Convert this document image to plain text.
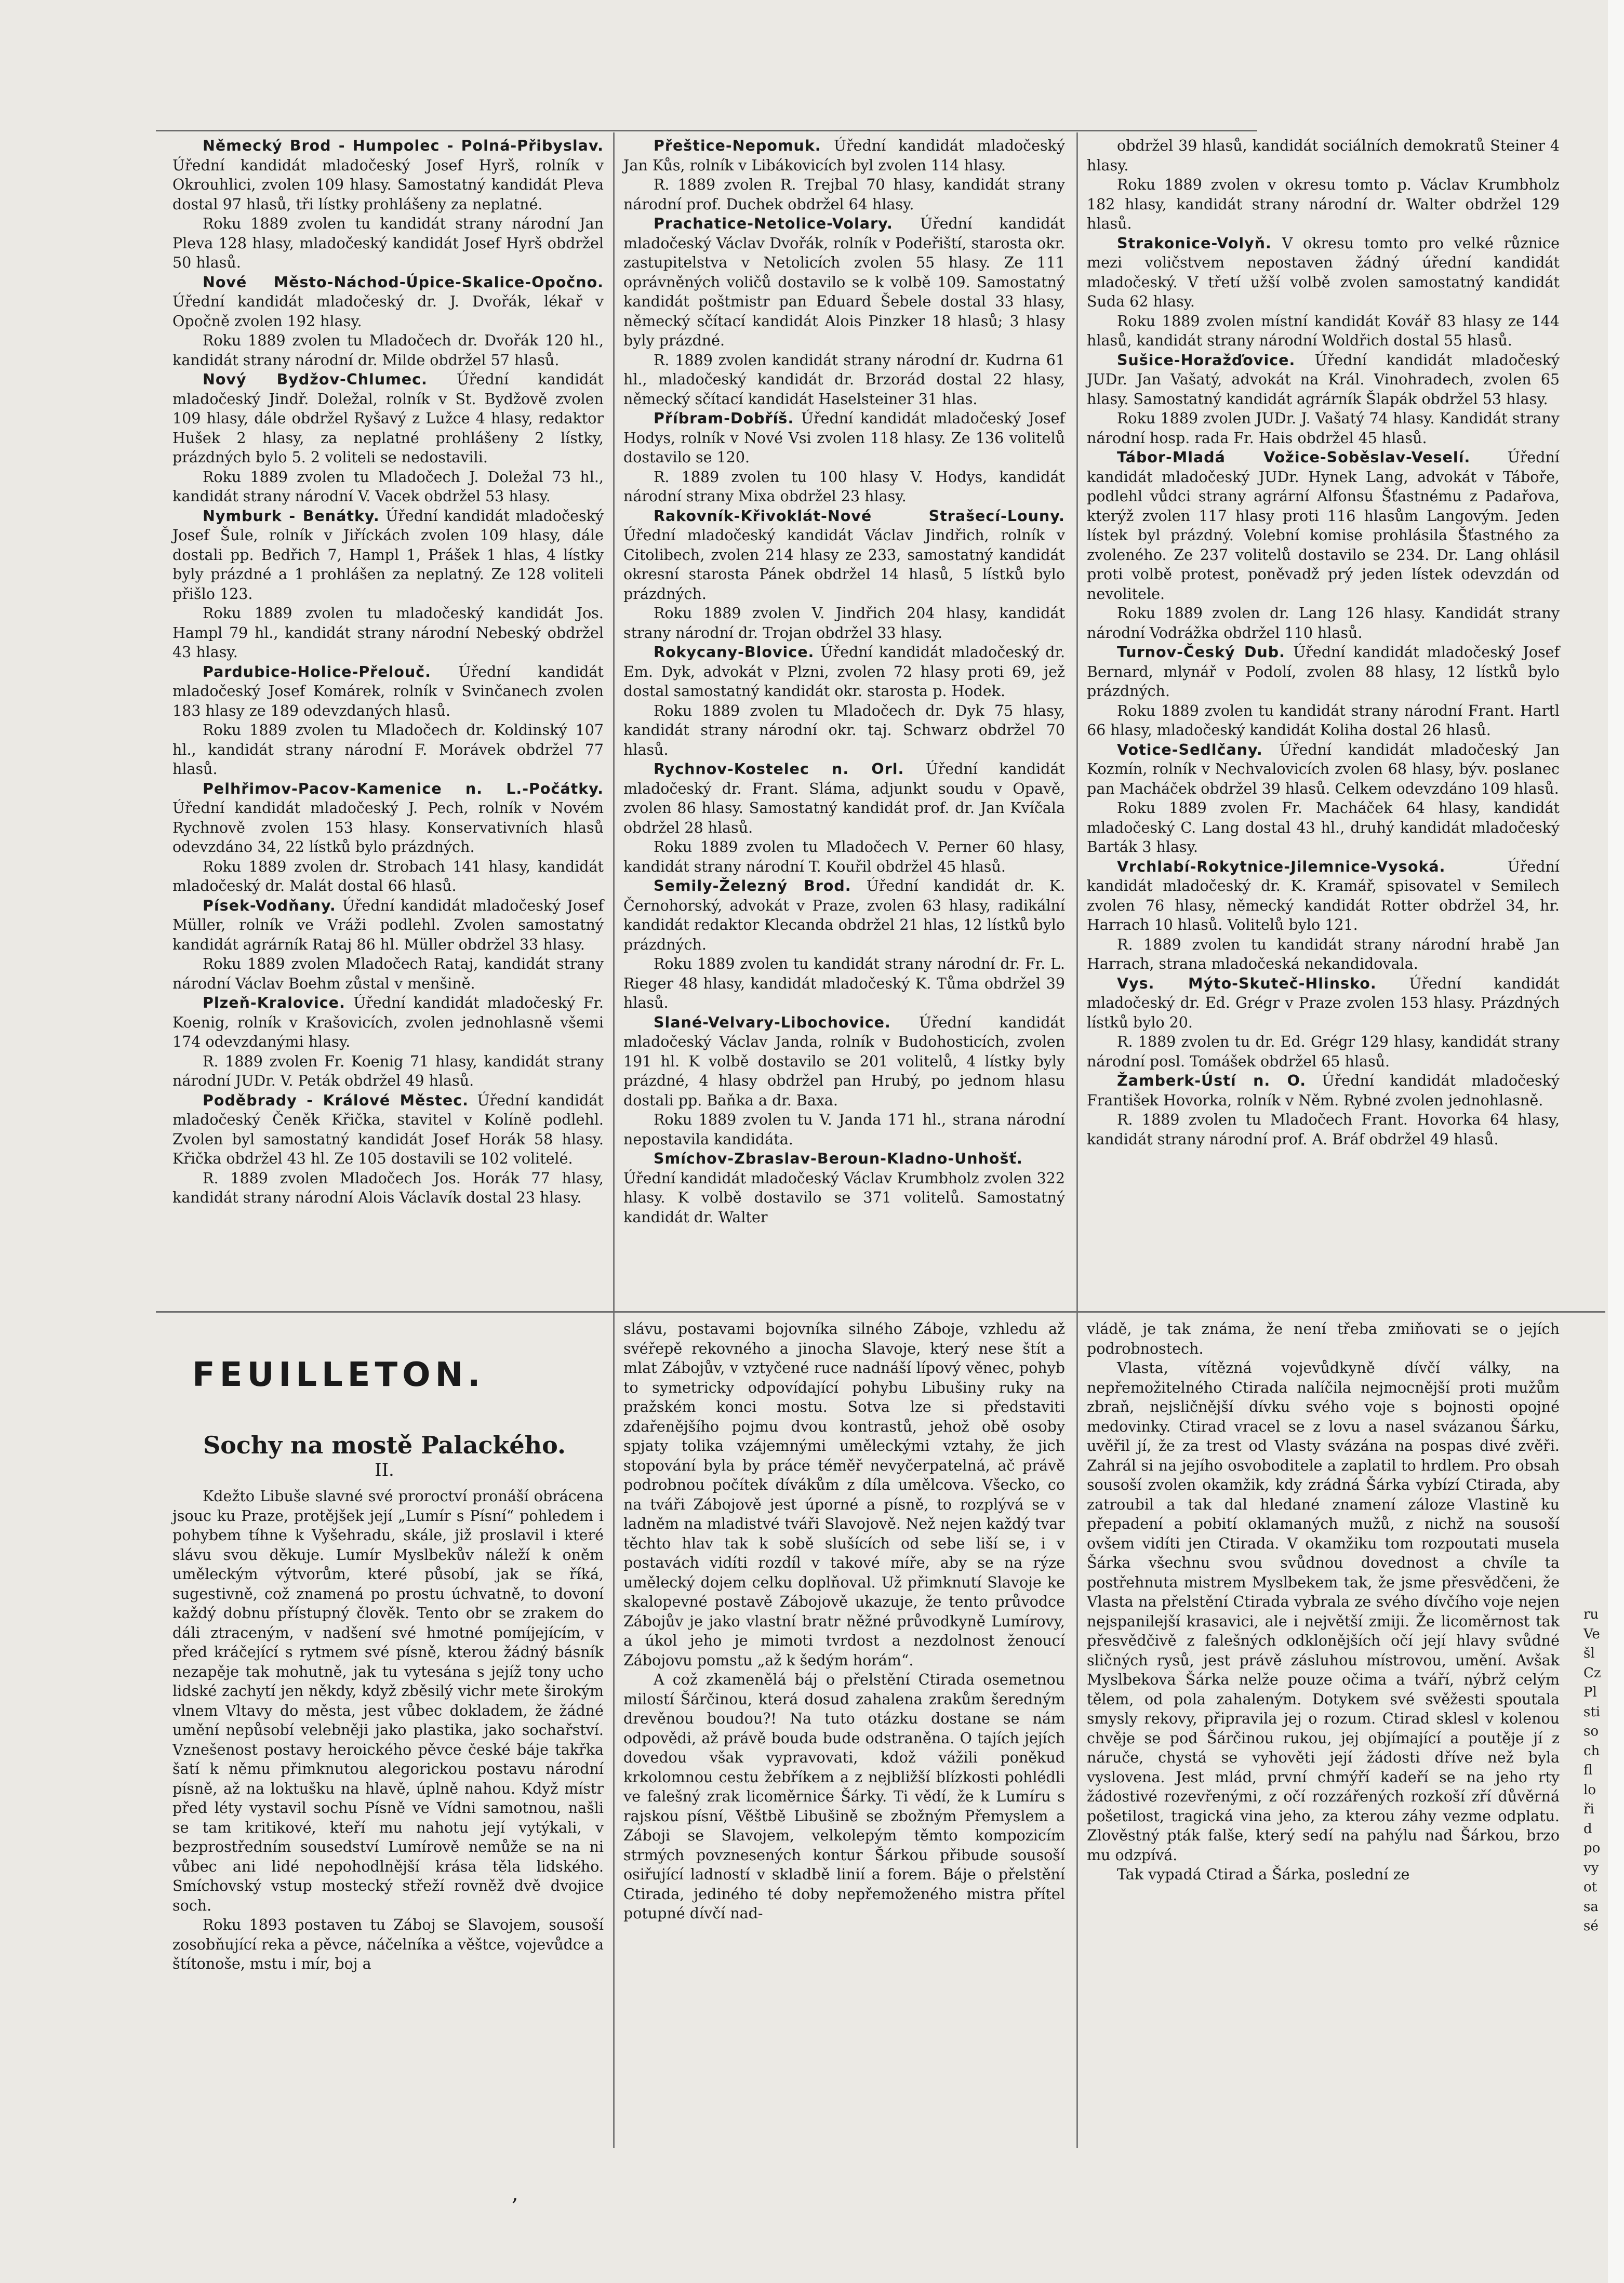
Německý Brod - Humpolec - Polná-Přibyslav. Úřední kandidát mladočeský Josef Hyrš, rolník v Okrouhlici, zvolen 109 hlasy. Samostatný kandidát Pleva dostal 97 hlasů, tři lístky prohlášeny za neplatné.

Roku 1889 zvolen tu kandidát strany národní Jan Pleva 128 hlasy, mladočeský kandidát Josef Hyrš obdržel 50 hlasů.

Nové Město-Náchod-Úpice-Skalice-Opočno. Úřední kandidát mladočeský dr. J. Dvořák, lékař v Opočně zvolen 192 hlasy.

Roku 1889 zvolen tu Mladočech dr. Dvořák 120 hl., kandidát strany národní dr. Milde obdržel 57 hlasů.

Nový Bydžov-Chlumec. Úřední kandidát mladočeský Jindř. Doležal, rolník v St. Bydžově zvolen 109 hlasy, dále obdržel Ryšavý z Lužce 4 hlasy, redaktor Hušek 2 hlasy, za neplatné prohlášeny 2 lístky, prázdných bylo 5. 2 voliteli se nedostavili.

Roku 1889 zvolen tu Mladočech J. Doležal 73 hl., kandidát strany národní V. Vacek obdržel 53 hlasy.

Nymburk - Benátky. Úřední kandidát mladočeský Josef Šule, rolník v Jiříckách zvolen 109 hlasy, dále dostali pp. Bedřich 7, Hampl 1, Prášek 1 hlas, 4 lístky byly prázdné a 1 prohlášen za neplatný. Ze 128 voliteli přišlo 123.

Roku 1889 zvolen tu mladočeský kandidát Jos. Hampl 79 hl., kandidát strany národní Nebeský obdržel 43 hlasy.

Pardubice-Holice-Přelouč. Úřední kandidát mladočeský Josef Komárek, rolník v Svinčanech zvolen 183 hlasy ze 189 odevzdaných hlasů.

Roku 1889 zvolen tu Mladočech dr. Koldinský 107 hl., kandidát strany národní F. Morávek obdržel 77 hlasů.

Pelhřimov-Pacov-Kamenice n. L.-Počátky. Úřední kandidát mladočeský J. Pech, rolník v Novém Rychnově zvolen 153 hlasy. Konservativních hlasů odevzdáno 34, 22 lístků bylo prázdných.

Roku 1889 zvolen dr. Strobach 141 hlasy, kandidát mladočeský dr. Malát dostal 66 hlasů.

Písek-Vodňany. Úřední kandidát mladočeský Josef Müller, rolník ve Vráži podlehl. Zvolen samostatný kandidát agrárník Rataj 86 hl. Müller obdržel 33 hlasy.

Roku 1889 zvolen Mladočech Rataj, kandidát strany národní Václav Boehm zůstal v menšině.

Plzeň-Kralovice. Úřední kandidát mladočeský Fr. Koenig, rolník v Krašovicích, zvolen jednohlasně všemi 174 odevzdanými hlasy.

R. 1889 zvolen Fr. Koenig 71 hlasy, kandidát strany národní JUDr. V. Peták obdržel 49 hlasů.

Poděbrady - Králové Městec. Úřední kandidát mladočeský Čeněk Křička, stavitel v Kolíně podlehl. Zvolen byl samostatný kandidát Josef Horák 58 hlasy. Křička obdržel 43 hl. Ze 105 dostavili se 102 volitelé.

R. 1889 zvolen Mladočech Jos. Horák 77 hlasy, kandidát strany národní Alois Václavík dostal 23 hlasy.

Přeštice-Nepomuk. Úřední kandidát mladočeský Jan Kůs, rolník v Libákovicích byl zvolen 114 hlasy.

R. 1889 zvolen R. Trejbal 70 hlasy, kandidát strany národní prof. Duchek obdržel 64 hlasy.

Prachatice-Netolice-Volary. Úřední kandidát mladočeský Václav Dvořák, rolník v Podeřiští, starosta okr. zastupitelstva v Netolicích zvolen 55 hlasy. Ze 111 oprávněných voličů dostavilo se k volbě 109. Samostatný kandidát poštmistr pan Eduard Šebele dostal 33 hlasy, německý sčítací kandidát Alois Pinzker 18 hlasů; 3 hlasy byly prázdné.

R. 1889 zvolen kandidát strany národní dr. Kudrna 61 hl., mladočeský kandidát dr. Brzorád dostal 22 hlasy, německý sčítací kandidát Haselsteiner 31 hlas.

Příbram-Dobříš. Úřední kandidát mladočeský Josef Hodys, rolník v Nové Vsi zvolen 118 hlasy. Ze 136 volitelů dostavilo se 120.

R. 1889 zvolen tu 100 hlasy V. Hodys, kandidát národní strany Mixa obdržel 23 hlasy.

Rakovník-Křivoklát-Nové Strašecí-Louny. Úřední mladočeský kandidát Václav Jindřich, rolník v Citolibech, zvolen 214 hlasy ze 233, samostatný kandidát okresní starosta Pánek obdržel 14 hlasů, 5 lístků bylo prázdných.

Roku 1889 zvolen V. Jindřich 204 hlasy, kandidát strany národní dr. Trojan obdržel 33 hlasy.

Rokycany-Blovice. Úřední kandidát mladočeský dr. Em. Dyk, advokát v Plzni, zvolen 72 hlasy proti 69, jež dostal samostatný kandidát okr. starosta p. Hodek.

Roku 1889 zvolen tu Mladočech dr. Dyk 75 hlasy, kandidát strany národní okr. taj. Schwarz obdržel 70 hlasů.

Rychnov-Kostelec n. Orl. Úřední kandidát mladočeský dr. Frant. Sláma, adjunkt soudu v Opavě, zvolen 86 hlasy. Samostatný kandidát prof. dr. Jan Kvíčala obdržel 28 hlasů.

Roku 1889 zvolen tu Mladočech V. Perner 60 hlasy, kandidát strany národní T. Kouřil obdržel 45 hlasů.

Semily-Železný Brod. Úřední kandidát dr. K. Černohorský, advokát v Praze, zvolen 63 hlasy, radikální kandidát redaktor Klecanda obdržel 21 hlas, 12 lístků bylo prázdných.

Roku 1889 zvolen tu kandidát strany národní dr. Fr. L. Rieger 48 hlasy, kandidát mladočeský K. Tůma obdržel 39 hlasů.

Slané-Velvary-Libochovice. Úřední kandidát mladočeský Václav Janda, rolník v Budohosticích, zvolen 191 hl. K volbě dostavilo se 201 volitelů, 4 lístky byly prázdné, 4 hlasy obdržel pan Hrubý, po jednom hlasu dostali pp. Baňka a dr. Baxa.

Roku 1889 zvolen tu V. Janda 171 hl., strana národní nepostavila kandidáta.

Smíchov-Zbraslav-Beroun-Kladno-Unhošť. Úřední kandidát mladočeský Václav Krumbholz zvolen 322 hlasy. K volbě dostavilo se 371 volitelů. Samostatný kandidát dr. Walter

obdržel 39 hlasů, kandidát sociálních demokratů Steiner 4 hlasy.

Roku 1889 zvolen v okresu tomto p. Václav Krumbholz 182 hlasy, kandidát strany národní dr. Walter obdržel 129 hlasů.

Strakonice-Volyň. V okresu tomto pro velké různice mezi voličstvem nepostaven žádný úřední kandidát mladočeský. V třetí užší volbě zvolen samostatný kandidát Suda 62 hlasy.

Roku 1889 zvolen místní kandidát Kovář 83 hlasy ze 144 hlasů, kandidát strany národní Woldřich dostal 55 hlasů.

Sušice-Horažďovice. Úřední kandidát mladočeský JUDr. Jan Vašatý, advokát na Král. Vinohradech, zvolen 65 hlasy. Samostatný kandidát agrárník Šlapák obdržel 53 hlasy.

Roku 1889 zvolen JUDr. J. Vašatý 74 hlasy. Kandidát strany národní hosp. rada Fr. Hais obdržel 45 hlasů.

Tábor-Mladá Vožice-Soběslav-Veselí.	Úřední kandidát mladočeský JUDr. Hynek Lang, advokát v Táboře, podlehl vůdci strany agrární Alfonsu Šťastnému z Padařova, kterýž zvolen 117 hlasy proti 116 hlasům Langovým. Jeden lístek byl prázdný. Volební komise prohlásila Šťastného za zvoleného. Ze 237 volitelů dostavilo se 234. Dr. Lang ohlásil proti volbě protest, poněvadž prý jeden lístek odevzdán od nevolitele.

Roku 1889 zvolen dr. Lang 126 hlasy. Kandidát strany národní Vodrážka obdržel 110 hlasů.

Turnov-Český Dub. Úřední kandidát mladočeský Josef Bernard, mlynář v Podolí, zvolen 88 hlasy, 12 lístků bylo prázdných.

Roku 1889 zvolen tu kandidát strany národní Frant. Hartl 66 hlasy, mladočeský kandidát Koliha dostal 26 hlasů.

Votice-Sedlčany. Úřední kandidát mladočeský Jan Kozmín, rolník v Nechvalovicích zvolen 68 hlasy, býv. poslanec pan Macháček obdržel 39 hlasů. Celkem odevzdáno 109 hlasů.

Roku 1889 zvolen Fr. Macháček 64 hlasy, kandidát mladočeský C. Lang dostal 43 hl., druhý kandidát mladočeský Barták 3 hlasy.

Vrchlabí-Rokytnice-Jilemnice-Vysoká.	Úřední kandidát mladočeský dr. K. Kramář, spisovatel v Semilech zvolen 76 hlasy, německý kandidát Rotter obdržel 34, hr. Harrach 10 hlasů. Volitelů bylo 121.

R. 1889 zvolen tu kandidát strany národní hrabě Jan Harrach, strana mladočeská nekandidovala.

Vys. Mýto-Skuteč-Hlinsko. Úřední kandidát mladočeský dr. Ed. Grégr v Praze zvolen 153 hlasy. Prázdných lístků bylo 20.

R. 1889 zvolen tu dr. Ed. Grégr 129 hlasy, kandidát strany národní posl. Tomášek obdržel 65 hlasů.

Žamberk-Ústí n. O. Úřední kandidát mladočeský František Hovorka, rolník v Něm. Rybné zvolen jednohlasně.

R. 1889 zvolen tu Mladočech Frant. Hovorka 64 hlasy, kandidát strany národní prof. A. Bráf obdržel 49 hlasů.

FEUILLETON.
Sochy na mostě Palackého.
II.

Kdežto Libuše slavné své proroctví pronáší obrácena jsouc ku Praze, protějšek její „Lumír s Písní“ pohledem i pohybem tíhne k Vyšehradu, skále, již proslavil i které slávu svou děkuje. Lumír Myslbekův náleží k oněm uměleckým výtvorům, které působí, jak se říká, sugestivně, což znamená po prostu úchvatně, to dovoní každý dobnu přístupný člověk. Tento obr se zrakem do dáli ztraceným, v nadšení své hmotné pomíjejícím, v před kráčející s rytmem své písně, kterou žádný básník nezapěje tak mohutně, jak tu vytesána s jejíž tony ucho lidské zachytí jen někdy, když zběsilý vichr mete širokým vlnem Vltavy do města, jest vůbec dokladem, že žádné umění nepůsobí velebněji jako plastika, jako sochařství. Vznešenost postavy heroického pěvce české báje takřka šatí k němu přimknutou alegorickou postavu národní písně, až na loktušku na hlavě, úplně nahou. Když místr před léty vystavil sochu Písně ve Vídni samotnou, našli se tam kritikové, kteří mu nahotu její vytýkali, v bezprostředním sousedství Lumírově nemůže se na ni vůbec ani lidé nepohodlnější krása těla lidského. Smíchovský vstup mostecký střeží rovněž dvě dvojice soch.

Roku 1893 postaven tu Záboj se Slavojem, sousoší zosobňující reka a pěvce, náčelníka a věštce, vojevůdce a štítonoše, mstu i mír, boj a

slávu, postavami bojovníka silného Záboje, vzhledu až svéřepě rekovného a jinocha Slavoje, který nese štít a mlat Zábojův, v vztyčené ruce nadnáší lípový věnec, pohyb to symetricky odpovídající pohybu Libušiny ruky na pražském konci mostu. Sotva lze si představiti zdařenějšího pojmu dvou kontrastů, jehož obě osoby spjaty tolika vzájemnými uměleckými vztahy, že jich stopování byla by práce téměř nevyčerpatelná, ač právě podrobnou počítek dívákům z díla umělcova. Všecko, co na tváři Zábojově jest úporné a písně, to rozplývá se v ladněm na mladistvé tváři Slavojově. Než nejen každý tvar těchto hlav tak k sobě slušících od sebe liší se, i v postavách vidíti rozdíl v takové míře, aby se na rýze umělecký dojem celku doplňoval. Už přimknutí Slavoje ke skalopevné postavě Zábojově ukazuje, že tento průvodce Zábojův je jako vlastní bratr něžné průvodkyně Lumírovy, a úkol jeho je mimoti tvrdost a nezdolnost ženoucí Zábojovu pomstu „až k šedým horám“.

A což zkamenělá báj o přelstění Ctirada osemetnou milostí Šárčinou, která dosud zahalena zrakům šeredným drevěnou boudou?! Na tuto otázku dostane se nám odpovědi, až právě bouda bude odstraněna. O tajích jejích dovedou však vypravovati, kdož vážili poněkud krkolomnou cestu žebříkem a z nejbližší blízkosti pohlédli ve falešný zrak licoměrnice Šárky. Ti vědí, že k Lumíru s rajskou písní, Věštbě Libušině se zbožným Přemyslem a Záboji se Slavojem, velkolepým těmto kompozicím strmých povznesených kontur Šárkou přibude sousoší osiřující ladností v skladbě linií a forem. Báje o přelstění Ctirada, jediného té doby nepřemoženého mistra přítel potupné dívčí nad-

vládě, je tak známa, že není třeba zmiňovati se o jejích podrobnostech.

Vlasta, vítězná vojevůdkyně dívčí války, na nepřemožitelného Ctirada nalíčila nejmocnější proti mužům zbraň, nejsličnější dívku svého voje s bojnosti opojné medovinky. Ctirad vracel se z lovu a nasel svázanou Šárku, uvěřil jí, že za trest od Vlasty svázána na pospas divé zvěři. Zahrál si na jejího osvoboditele a zaplatil to hrdlem. Pro obsah sousoší zvolen okamžik, kdy zrádná Šárka vybízí Ctirada, aby zatroubil a tak dal hledané znamení záloze Vlastině ku přepadení a pobití oklamaných mužů, z nichž na sousoší ovšem vidíti jen Ctirada. V okamžiku tom rozpoutati musela Šárka všechnu svou svůdnou dovednost a chvíle ta postřehnuta mistrem Myslbekem tak, že jsme přesvědčeni, že Vlasta na přelstění Ctirada vybrala ze svého dívčího voje nejen nejspanilejší krasavici, ale i největší zmiji. Že licoměrnost tak přesvědčivě z falešných odklonějších očí její hlavy svůdné sličných rysů, jest právě zásluhou místrovou, umění. Avšak Myslbekova Šárka nelže pouze očima a tváří, nýbrž celým tělem, od pola zahaleným. Dotykem své svěžesti spoutala smysly rekovy, připravila jej o rozum. Ctirad sklesl v kolenou chvěje se pod Šárčinou rukou, jej objímající a poutěje jí z náruče, chystá se vyhověti její žádosti dříve než byla vyslovena. Jest mlád, první chmýří kadeří se na jeho rty žádostivé rozevřenými, z očí rozzářených rozkoší zří důvěrná pošetilost, tragická vina jeho, za kterou záhy vezme odplatu. Zlověstný pták falše, který sedí na pahýlu nad Šárkou, brzo mu odzpívá.

Tak vypadá Ctirad a Šárka, poslední ze

ru
Ve
šl
Cz
Pl
sti
so
ch
fl
lo
ři
d
po
vy
ot
sa
sé
,
